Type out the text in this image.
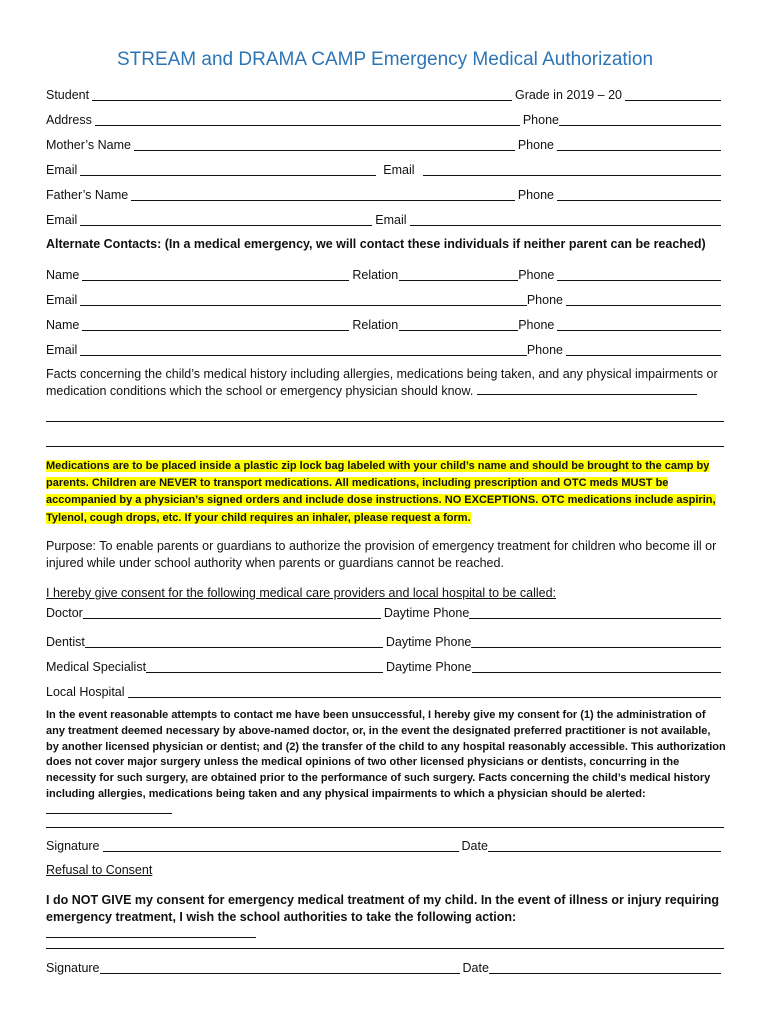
STREAM and DRAMA CAMP Emergency Medical Authorization
Student	Grade in 2019 – 20
Address	Phone
Mother’s Name	Phone
Email	Email
Father’s Name	Phone
Email	Email
Alternate Contacts: (In a medical emergency, we will contact these individuals if neither parent can be reached)
Name	Relation	Phone
Email	Phone
Name	Relation	Phone
Email	Phone
Facts concerning the child’s medical history including allergies, medications being taken, and any physical impairments or medication conditions which the school or emergency physician should know.
Medications are to be placed inside a plastic zip lock bag labeled with your child’s name and should be brought to the camp by parents. Children are NEVER to transport medications. All medications, including prescription and OTC meds MUST be accompanied by a physician’s signed orders and include dose instructions. NO EXCEPTIONS. OTC medications include aspirin, Tylenol, cough drops, etc. If your child requires an inhaler, please request a form.
Purpose: To enable parents or guardians to authorize the provision of emergency treatment for children who become ill or injured while under school authority when parents or guardians cannot be reached.
I hereby give consent for the following medical care providers and local hospital to be called:
Doctor	Daytime Phone
Dentist	Daytime Phone
Medical Specialist	Daytime Phone
Local Hospital
In the event reasonable attempts to contact me have been unsuccessful, I hereby give my consent for (1) the administration of any treatment deemed necessary by above-named doctor, or, in the event the designated preferred practitioner is not available, by another licensed physician or dentist; and (2) the transfer of the child to any hospital reasonably accessible. This authorization does not cover major surgery unless the medical opinions of two other licensed physicians or dentists, concurring in the necessity for such surgery, are obtained prior to the performance of such surgery. Facts concerning the child’s medical history including allergies, medications being taken and any physical impairments to which a physician should be alerted:
Signature	Date
Refusal to Consent
I do NOT GIVE my consent for emergency medical treatment of my child. In the event of illness or injury requiring emergency treatment, I wish the school authorities to take the following action:
Signature	Date
